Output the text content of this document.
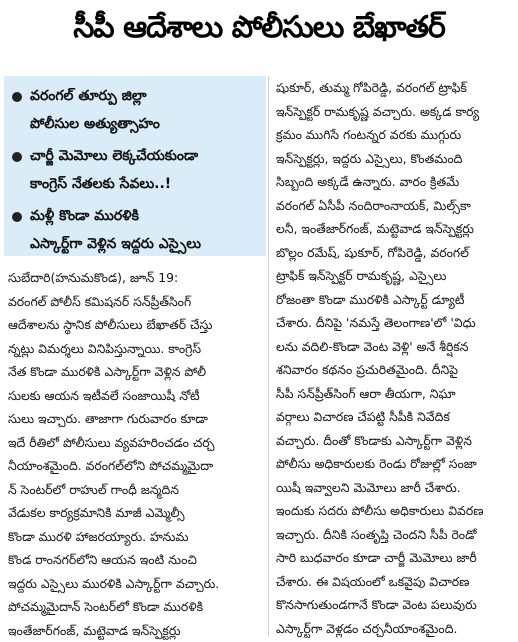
సీపీ ఆదేశాలు పోలీసులు బేఖాతర్
వరంగల్ తూర్పు జిల్లా
పోలీసుల అత్యుత్సాహం
చార్జీ మెమోలు లెక్కచేయకుండా
కాంగ్రెస్ నేతలకు సేవలు..!
మళ్లీ కొండా మురళికి
ఎస్కార్ట్‌గా వెళ్లిన ఇద్దరు ఎస్సైలు
సుబేదారి(హనుమకొండ), జూన్ 19:
వరంగల్ పోలీస్ కమిషనర్ సన్‌ప్రీత్‌సింగ్
ఆదేశాలను స్థానిక పోలీసులు బేఖాతర్ చేస్తు
న్నట్లు విమర్శలు వినిపిస్తున్నాయి. కాంగ్రెస్
నేత కొండా మురళికి ఎస్కార్ట్‌గా వెళ్లిన పోలీ
సులకు ఆయన ఇటీవలే సంజాయిషీ నోటీ
సులు ఇచ్చారు. తాజాగా గురువారం కూడా
ఇదే రీతిలో పోలీసులు వ్యవహరించడం చర్చ
నీయాంశమైంది. వరంగల్‌లోని పోచమ్మమైదా
న్ సెంటర్‌లో రాహుల్ గాంధీ జన్మదిన
వేడుకల కార్యక్రమానికి మాజీ ఎమ్మెల్సీ
కొండా మురళి హాజరయ్యారు. హనుమ
కొండ రాంనగర్‌లోని ఆయన ఇంటి నుంచి
ఇద్దరు ఎస్సైలు మురళికి ఎస్కార్ట్‌గా వచ్చారు.
పోచమ్మమైదాన్ సెంటర్‌లో కొండా మురళికి
ఇంతేజార్‌గంజ్, మట్టెవాడ ఇన్‌స్పెక్టర్లు
షుకూర్, తుమ్మ గోపిరెడ్డి, వరంగల్ ట్రాఫిక్
ఇన్‌స్పెక్టర్ రామకృష్ణ వచ్చారు. అక్కడ కార్య
క్రమం ముగిసే గంటన్నర వరకు ముగ్గురు
ఇన్‌స్పెక్టర్లు, ఇద్దరు ఎస్సైలు, కొంతమంది
సిబ్బంది అక్కడే ఉన్నారు. వారం క్రితమే
వరంగల్ ఏసీపీ నందిరాంనాయక్, మిల్స్‌కా
లనీ, ఇంతేజార్‌గంజ్, మట్టెవాడ ఇన్‌స్పెక్టర్లు
బొల్లం రమేష్, షుకూర్, గోపిరెడ్డి, వరంగల్
ట్రాఫిక్ ఇన్‌స్పెక్టర్ రామకృష్ణ, ఎస్సైలు
రోజంతా కొండా మురళికి ఎస్కార్ట్ డ్యూటీ
చేశారు. దీనిపై 'నమస్తే తెలంగాణ'లో 'విధు
లను వదిలి-కొండా వెంట వెళ్లి' అనే శీర్షికన
శనివారం కథనం ప్రచురితమైంది. దీనిపై
సీపీ సన్‌ప్రీత్‌సింగ్ ఆరా తీయగా, నిఘా
వర్గాలు విచారణ చేపట్టి సీపీకి నివేదిక
వచ్చారు. దీంతో కొండాకు ఎస్కార్ట్‌గా వెళ్లిన
పోలీసు అధికారులకు రెండు రోజుల్లో సంజా
యిషీ ఇవ్వాలని మెమోలు జారీ చేశారు.
ఇందుకు సదరు పోలీసు అధికారులు వివరణ
ఇచ్చారు. దీనికి సంతృప్తి చెందని సీపీ రెండో
సారి బుధవారం కూడా చార్జీ మెమోలు జారీ
చేశారు. ఈ విషయంలో ఒకవైపు విచారణ
కొనసాగుతుండగానే కొండా వెంట పలువురు
ఎస్కార్ట్‌గా వెళ్లడం చర్చనీయాంశమైంది.
